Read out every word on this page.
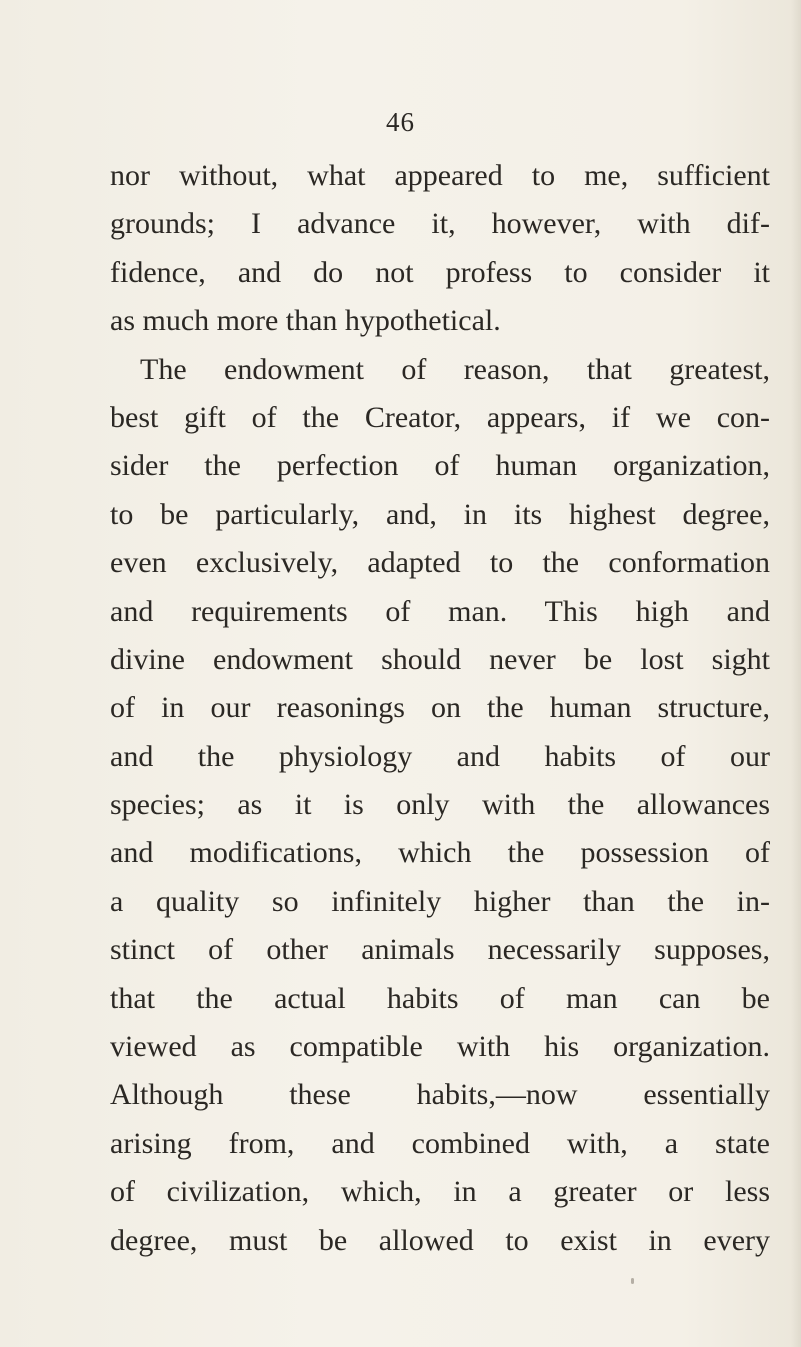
46
nor without, what appeared to me, sufficient
grounds; I advance it, however, with dif-
fidence, and do not profess to consider it
as much more than hypothetical.
The endowment of reason, that greatest,
best gift of the Creator, appears, if we con-
sider the perfection of human organization,
to be particularly, and, in its highest degree,
even exclusively, adapted to the conformation
and requirements of man. This high and
divine endowment should never be lost sight
of in our reasonings on the human structure,
and the physiology and habits of our
species; as it is only with the allowances
and modifications, which the possession of
a quality so infinitely higher than the in-
stinct of other animals necessarily supposes,
that the actual habits of man can be
viewed as compatible with his organization.
Although these habits,—now essentially
arising from, and combined with, a state
of civilization, which, in a greater or less
degree, must be allowed to exist in every
